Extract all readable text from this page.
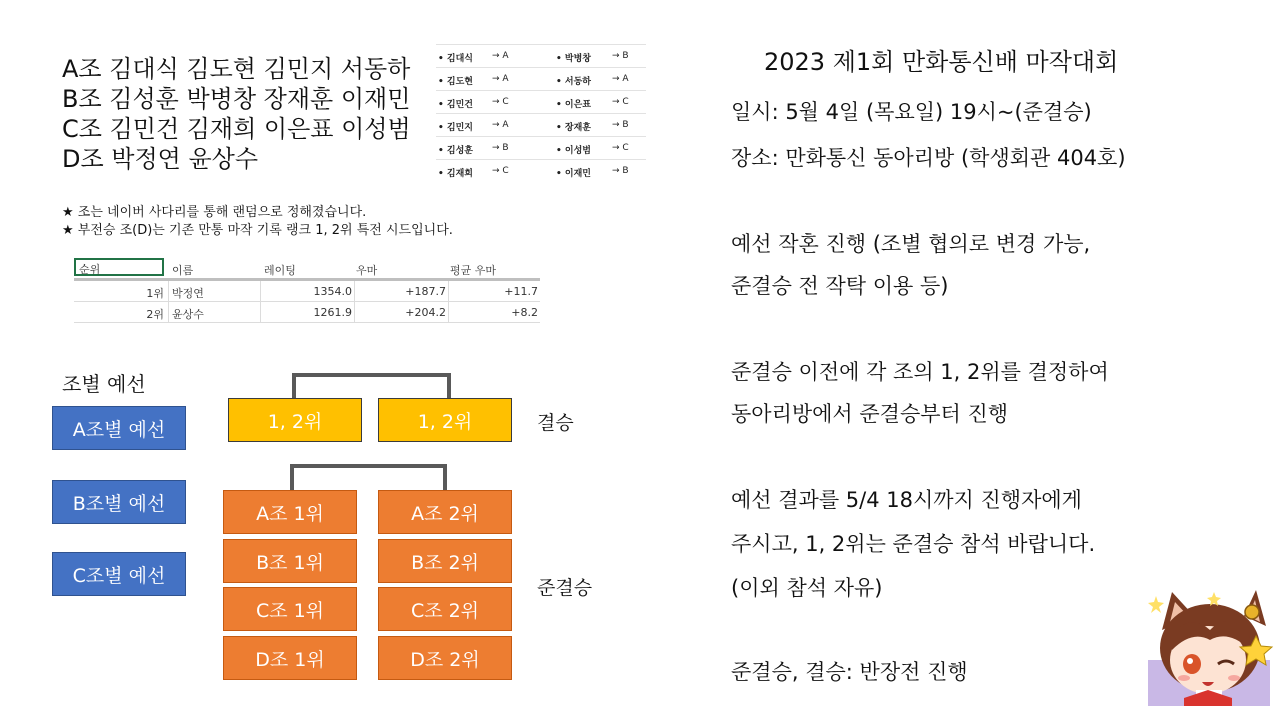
A조 김대식 김도현 김민지 서동하
B조 김성훈 박병창 장재훈 이재민
C조 김민건 김재희 이은표 이성범
D조 박정연 윤상수
• 김대식 → A	• 박병창 → B
• 김도현 → A	• 서동하 → A
• 김민건 → C	• 이은표 → C
• 김민지 → A	• 장재훈 → B
• 김성훈 → B	• 이성범 → C
• 김재희 → C	• 이재민 → B
★ 조는 네이버 사다리를 통해 랜덤으로 정해졌습니다.
★ 부전승 조(D)는 기존 만통 마작 기록 랭크 1, 2위 특전 시드입니다.
순위	이름	레이팅	우마	평균 우마
1위 박정연	1354.0	+187.7	+11.7
2위 윤상수	1261.9	+204.2	+8.2
조별 예선
A조별 예선
B조별 예선
C조별 예선
1, 2위	1, 2위	결승
A조 1위
B조 1위
C조 1위
D조 1위
A조 2위
B조 2위
C조 2위
D조 2위
준결승
2023 제1회 만화통신배 마작대회
일시: 5월 4일 (목요일) 19시~(준결승)
장소: 만화통신 동아리방 (학생회관 404호)
예선 작혼 진행 (조별 협의로 변경 가능,
준결승 전 작탁 이용 등)
준결승 이전에 각 조의 1, 2위를 결정하여
동아리방에서 준결승부터 진행
예선 결과를 5/4 18시까지 진행자에게
주시고, 1, 2위는 준결승 참석 바랍니다.
(이외 참석 자유)
준결승, 결승: 반장전 진행
